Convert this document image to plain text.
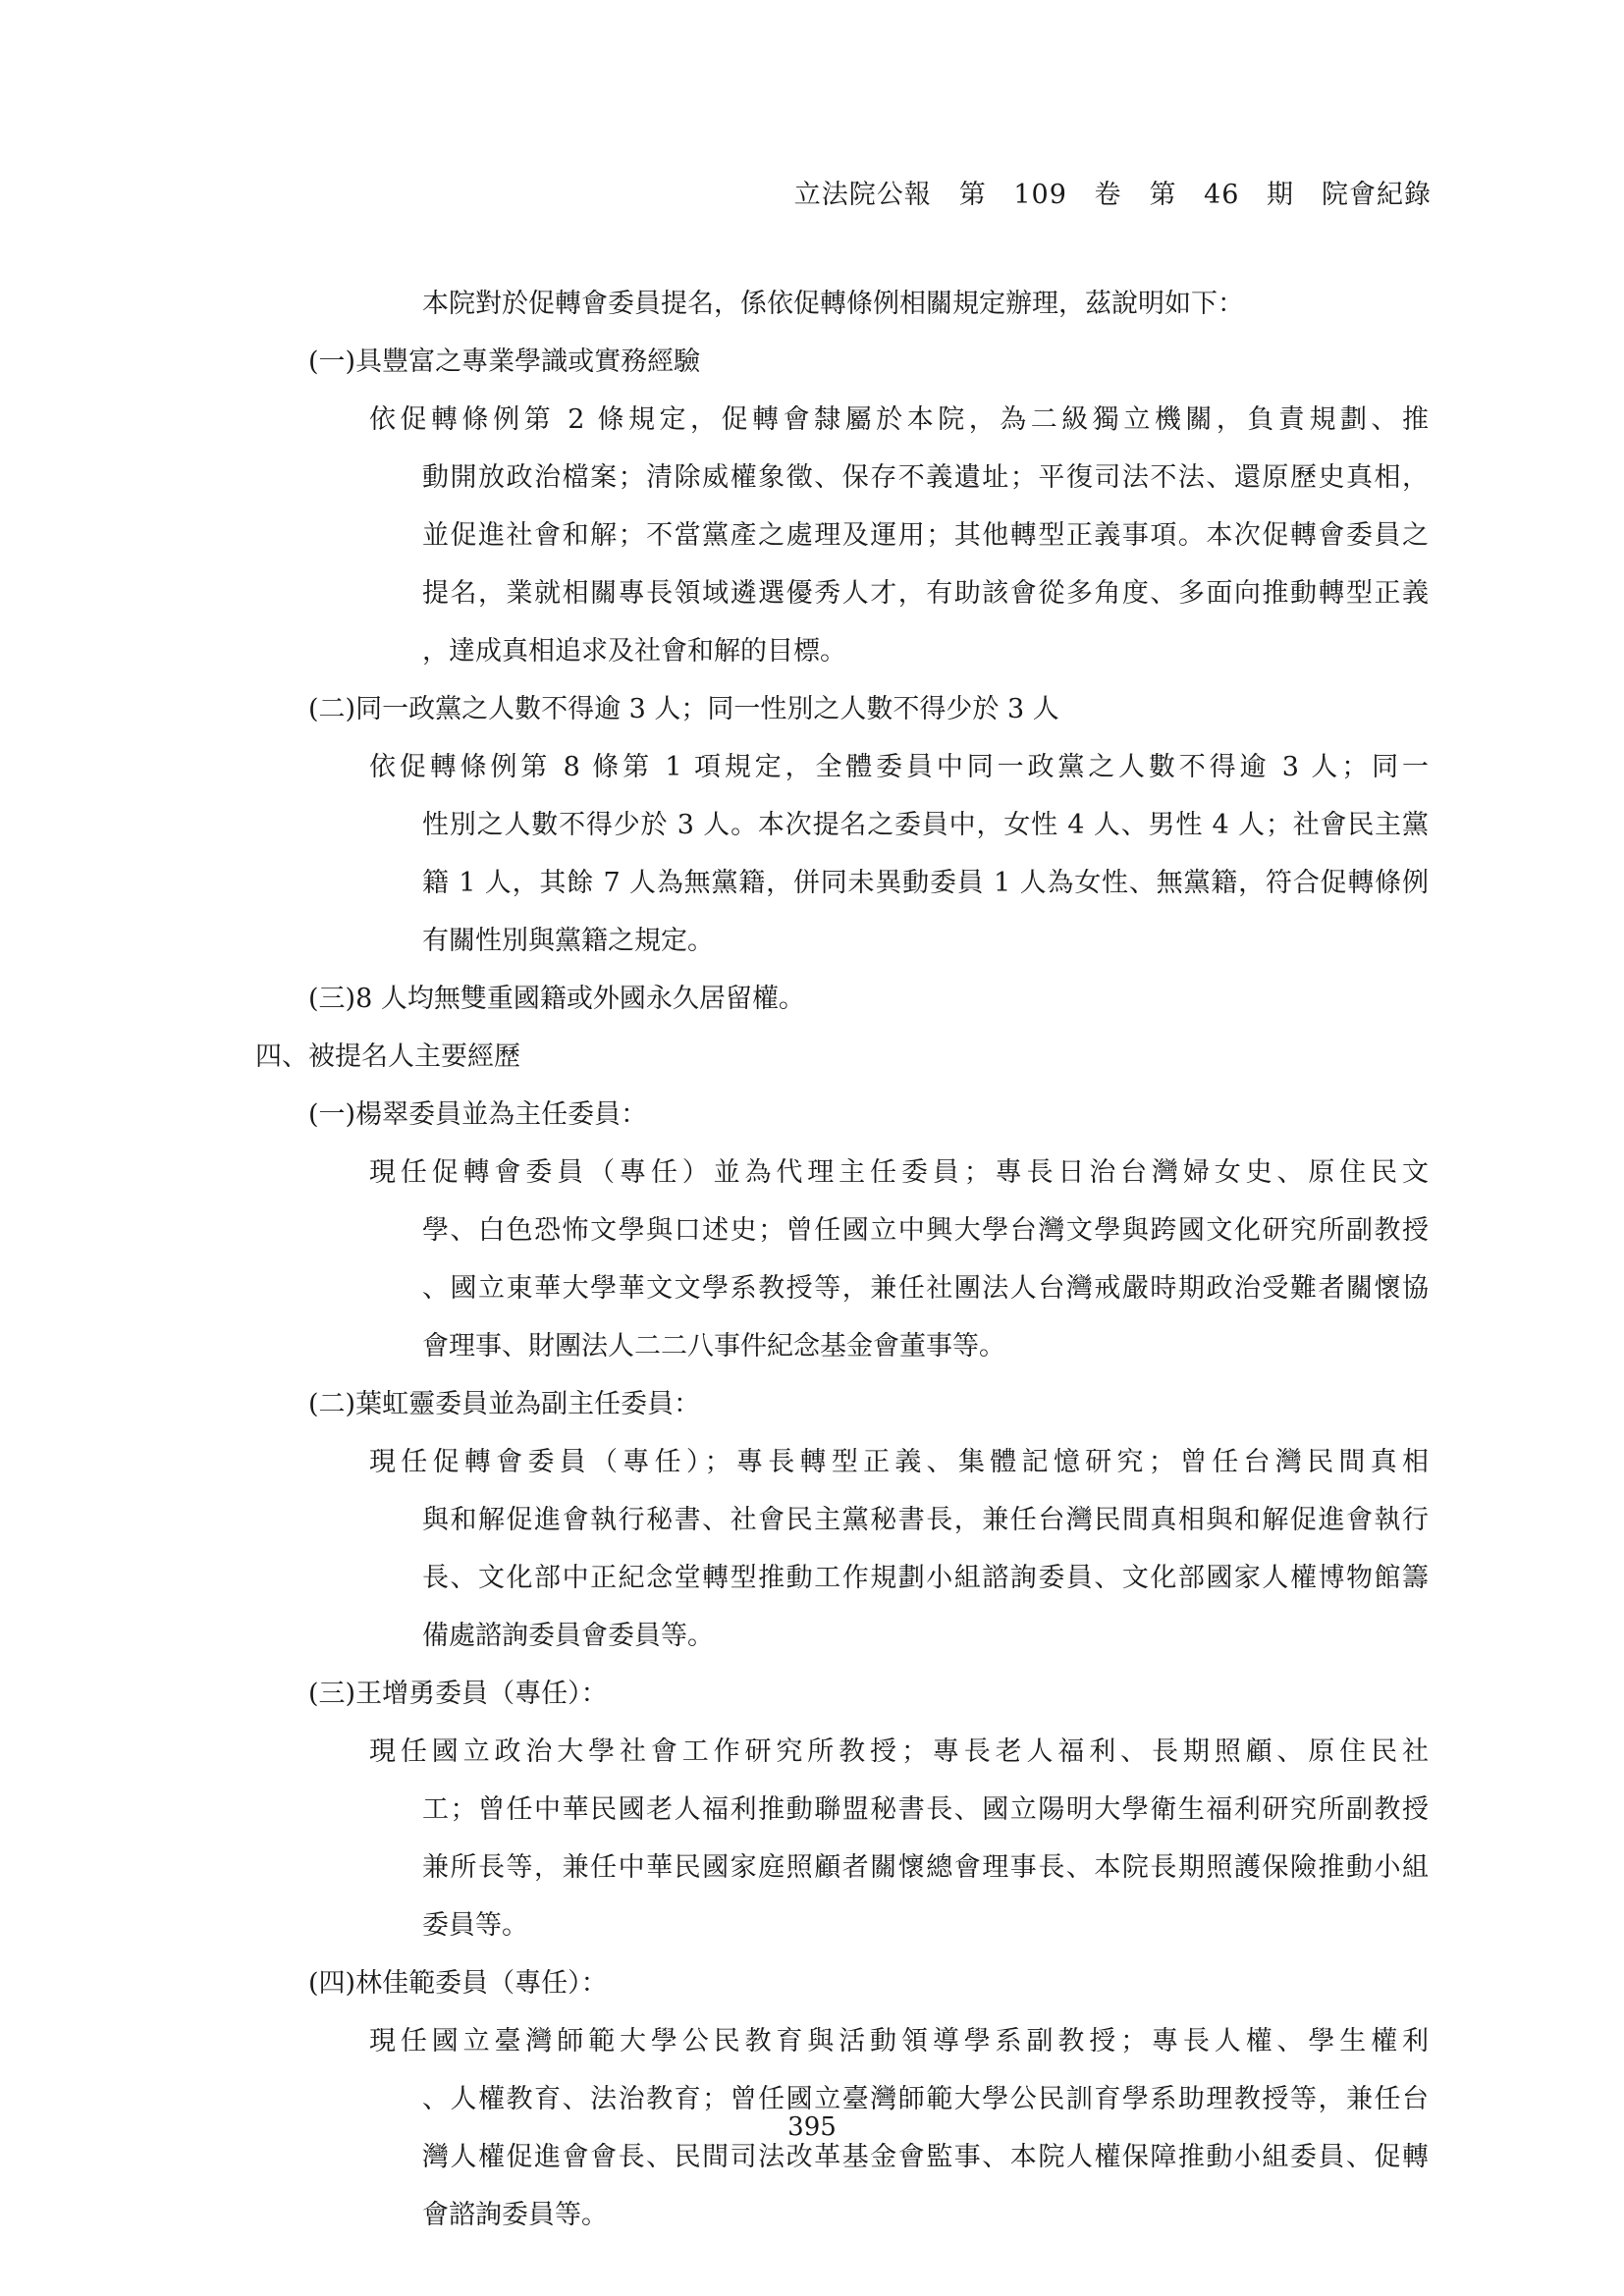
立法院公報　第 109 卷　第 46 期　院會紀錄
本院對於促轉會委員提名，係依促轉條例相關規定辦理，茲說明如下：
(一)具豐富之專業學識或實務經驗
依促轉條例第 2 條規定，促轉會隸屬於本院，為二級獨立機關，負責規劃、推
動開放政治檔案；清除威權象徵、保存不義遺址；平復司法不法、還原歷史真相，
並促進社會和解；不當黨產之處理及運用；其他轉型正義事項。本次促轉會委員之
提名，業就相關專長領域遴選優秀人才，有助該會從多角度、多面向推動轉型正義
，達成真相追求及社會和解的目標。
(二)同一政黨之人數不得逾 3 人；同一性別之人數不得少於 3 人
依促轉條例第 8 條第 1 項規定，全體委員中同一政黨之人數不得逾 3 人；同一
性別之人數不得少於 3 人。本次提名之委員中，女性 4 人、男性 4 人；社會民主黨
籍 1 人，其餘 7 人為無黨籍，併同未異動委員 1 人為女性、無黨籍，符合促轉條例
有關性別與黨籍之規定。
(三)8 人均無雙重國籍或外國永久居留權。
四、被提名人主要經歷
(一)楊翠委員並為主任委員：
現任促轉會委員（專任）並為代理主任委員；專長日治台灣婦女史、原住民文
學、白色恐怖文學與口述史；曾任國立中興大學台灣文學與跨國文化研究所副教授
、國立東華大學華文文學系教授等，兼任社團法人台灣戒嚴時期政治受難者關懷協
會理事、財團法人二二八事件紀念基金會董事等。
(二)葉虹靈委員並為副主任委員：
現任促轉會委員（專任）；專長轉型正義、集體記憶研究；曾任台灣民間真相
與和解促進會執行秘書、社會民主黨秘書長，兼任台灣民間真相與和解促進會執行
長、文化部中正紀念堂轉型推動工作規劃小組諮詢委員、文化部國家人權博物館籌
備處諮詢委員會委員等。
(三)王增勇委員（專任）：
現任國立政治大學社會工作研究所教授；專長老人福利、長期照顧、原住民社
工；曾任中華民國老人福利推動聯盟秘書長、國立陽明大學衛生福利研究所副教授
兼所長等，兼任中華民國家庭照顧者關懷總會理事長、本院長期照護保險推動小組
委員等。
(四)林佳範委員（專任）：
現任國立臺灣師範大學公民教育與活動領導學系副教授；專長人權、學生權利
、人權教育、法治教育；曾任國立臺灣師範大學公民訓育學系助理教授等，兼任台
灣人權促進會會長、民間司法改革基金會監事、本院人權保障推動小組委員、促轉
會諮詢委員等。
395
